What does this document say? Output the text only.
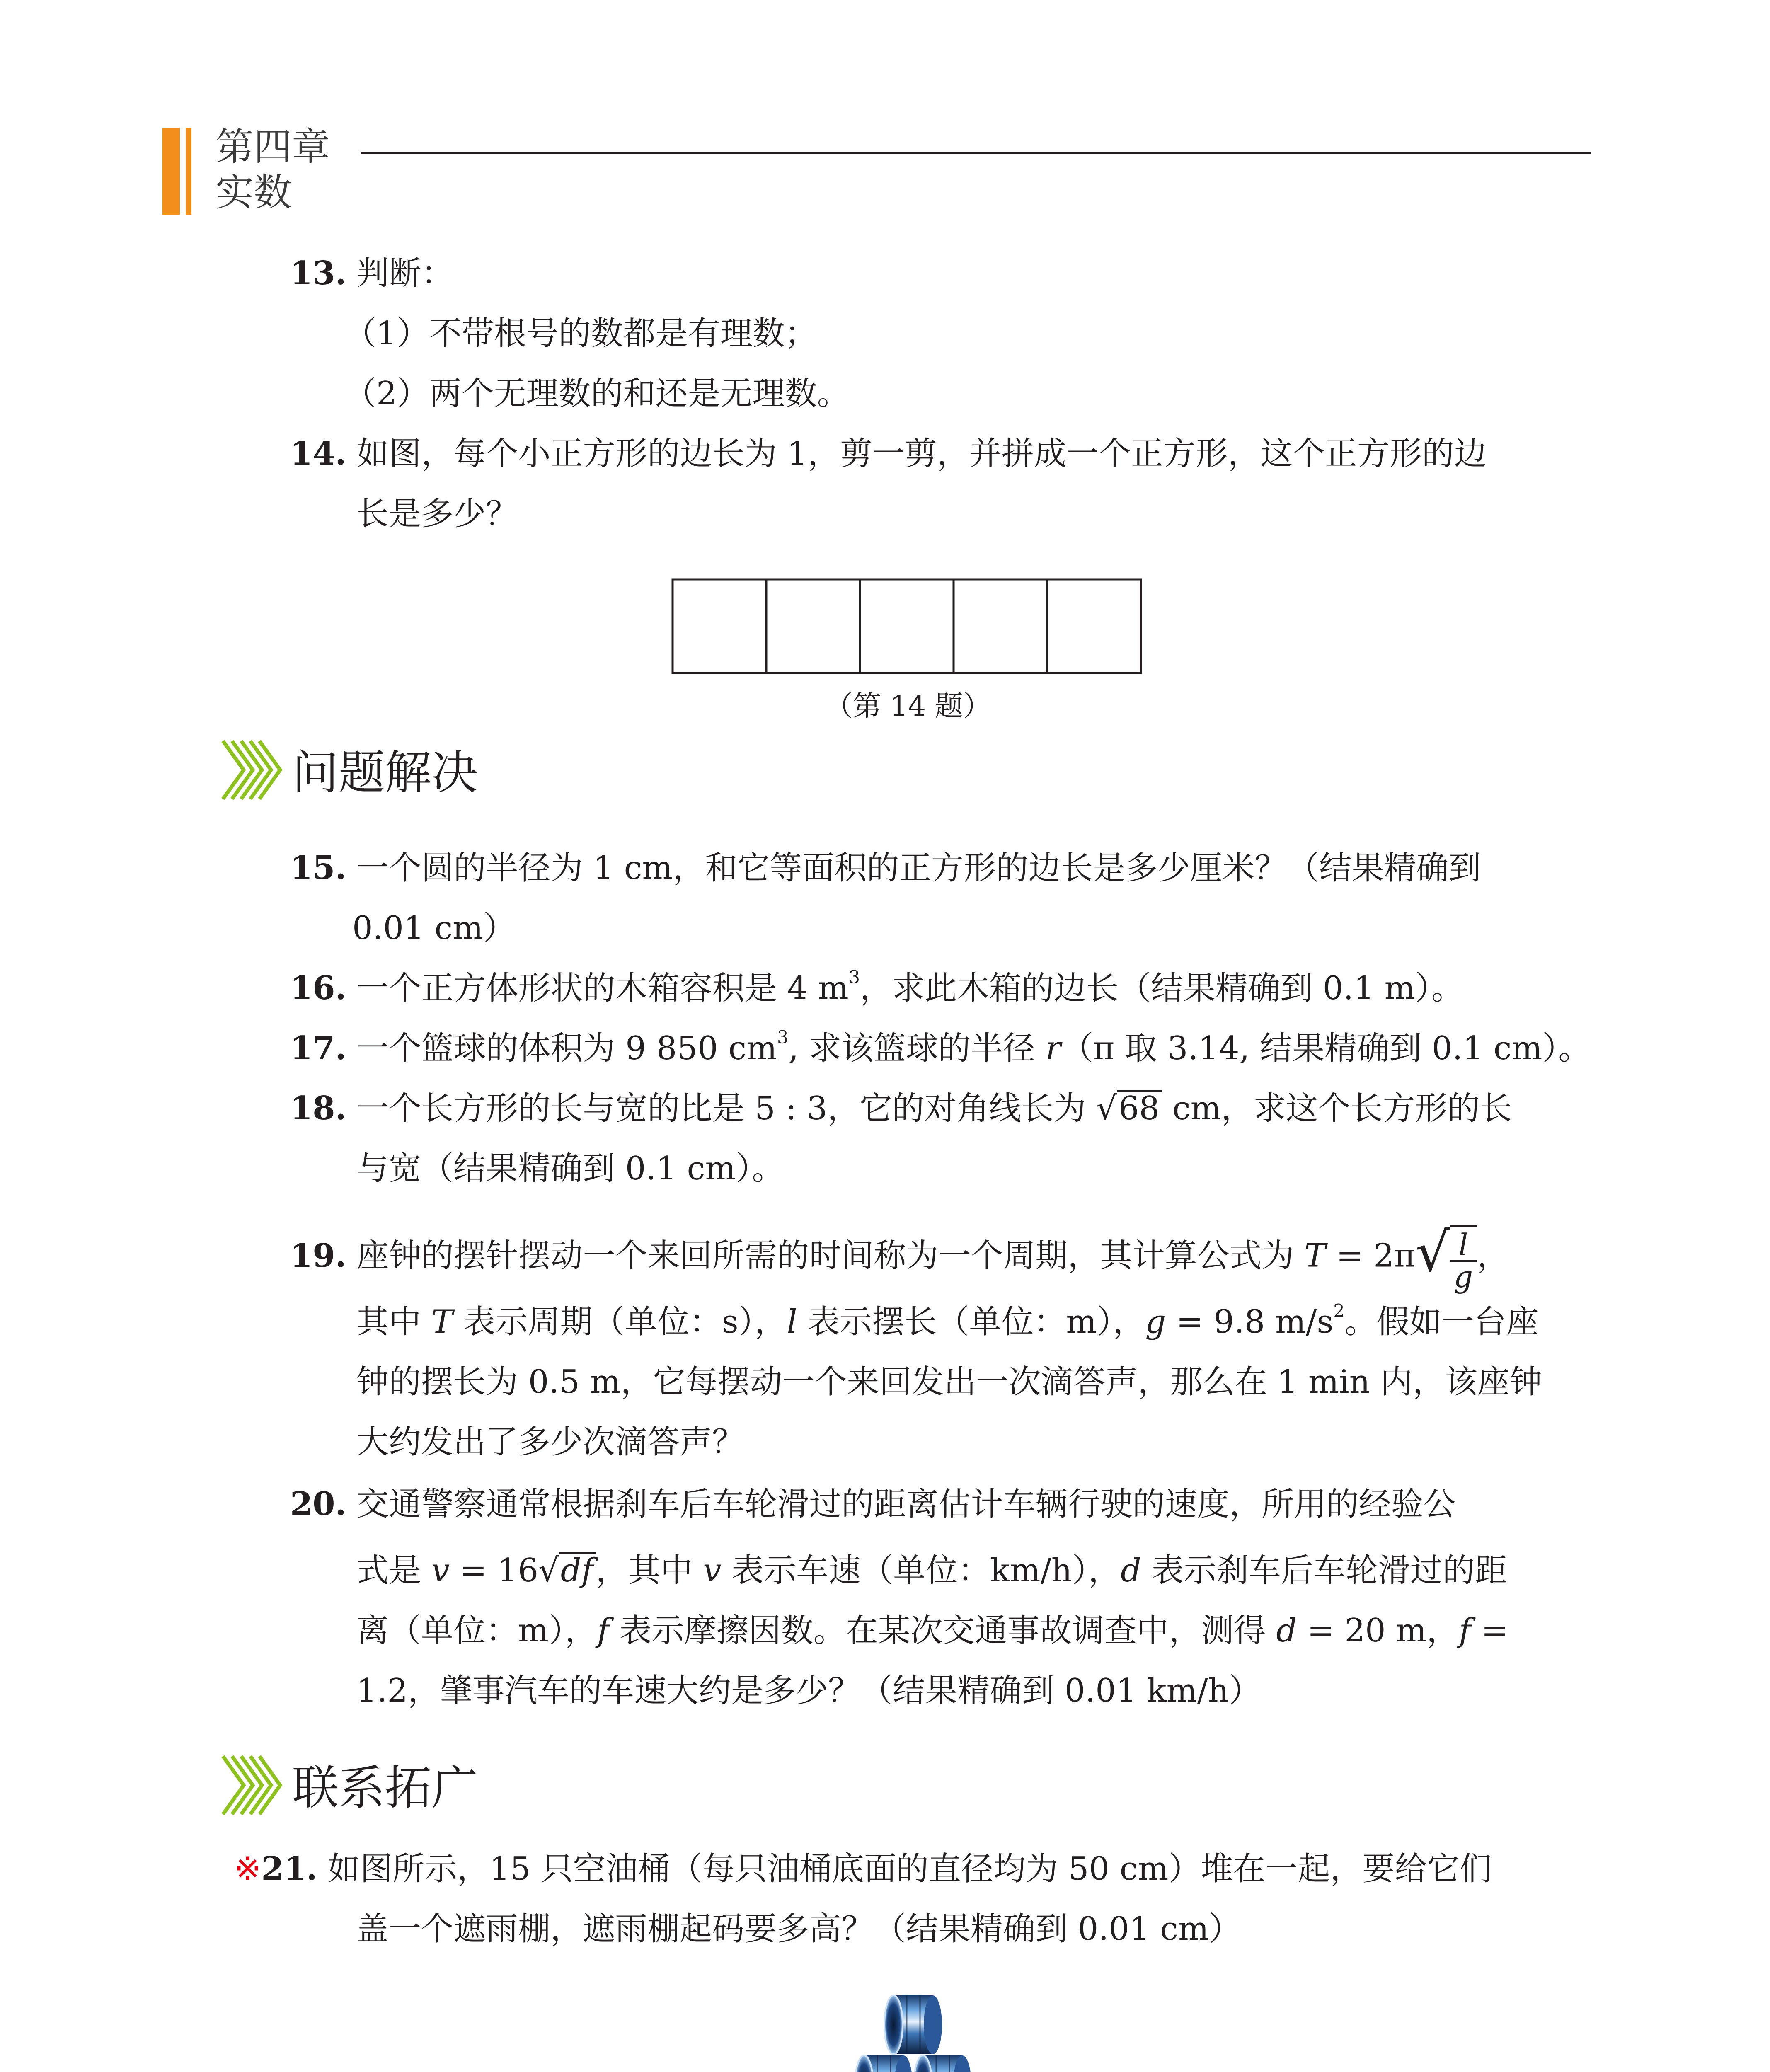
第四章
实数
13. 判断：
（1）不带根号的数都是有理数；
（2）两个无理数的和还是无理数。
14. 如图，每个小正方形的边长为 1，剪一剪，并拼成一个正方形，这个正方形的边
长是多少？
（第 14 题）
问题解决
15. 一个圆的半径为 1 cm，和它等面积的正方形的边长是多少厘米？（结果精确到
0.01 cm）
16. 一个正方体形状的木箱容积是 4 $m^3$，求此木箱的边长（结果精确到 0.1 m）。
17. 一个篮球的体积为 9 850 $cm^3$, 求该篮球的半径 r（π 取 3.14, 结果精确到 0.1 cm）。
18. 一个长方形的长与宽的比是 5 : 3，它的对角线长为 √68 cm，求这个长方形的长
与宽（结果精确到 0.1 cm）。
19. 座钟的摆针摆动一个来回所需的时间称为一个周期，其计算公式为 $T = 2\pi√ \frac{l}{g}$ ，
其中 T 表示周期（单位：s），l 表示摆长（单位：m），g = 9.8 $m/s^2$。假如一台座
钟的摆长为 0.5 m，它每摆动一个来回发出一次滴答声，那么在 1 min 内，该座钟
大约发出了多少次滴答声？
20. 交通警察通常根据刹车后车轮滑过的距离估计车辆行驶的速度，所用的经验公
式是 v = 16√df，其中 v 表示车速（单位：km/h），d 表示刹车后车轮滑过的距
离（单位：m），f 表示摩擦因数。在某次交通事故调查中，测得 d = 20 m，f =
1.2，肇事汽车的车速大约是多少？（结果精确到 0.01 km/h）
联系拓广
※21. 如图所示，15 只空油桶（每只油桶底面的直径均为 50 cm）堆在一起，要给它们
盖一个遮雨棚，遮雨棚起码要多高？（结果精确到 0.01 cm）
